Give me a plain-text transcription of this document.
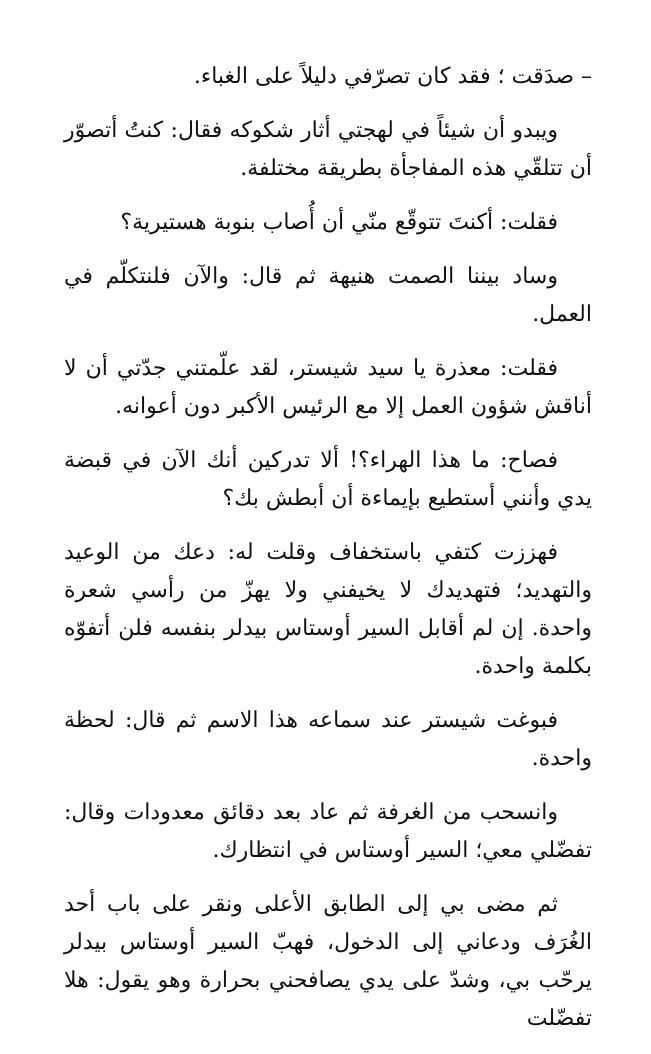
– صدَقت ؛ فقد كان تصرّفي دليلاً على الغباء.

ويبدو أن شيئاً في لهجتي أثار شكوكه فقال: كنتُ أتصوّر أن تتلقّي هذه المفاجأة بطريقة مختلفة.

فقلت: أكنتَ تتوقّع منّي أن أُصاب بنوبة هستيرية؟

وساد بيننا الصمت هنيهة ثم قال: والآن فلنتكلّم في العمل.

فقلت: معذرة يا سيد شيستر، لقد علّمتني جدّتي أن لا أناقش شؤون العمل إلا مع الرئيس الأكبر دون أعوانه.

فصاح: ما هذا الهراء؟! ألا تدركين أنك الآن في قبضة يدي وأنني أستطيع بإيماءة أن أبطش بك؟

فهززت كتفي باستخفاف وقلت له: دعك من الوعيد والتهديد؛ فتهديدك لا يخيفني ولا يهزّ من رأسي شعرة واحدة. إن لم أقابل السير أوستاس بيدلر بنفسه فلن أتفوّه بكلمة واحدة.

فبوغت شيستر عند سماعه هذا الاسم ثم قال: لحظة واحدة.

وانسحب من الغرفة ثم عاد بعد دقائق معدودات وقال: تفضّلي معي؛ السير أوستاس في انتظارك.

ثم مضى بي إلى الطابق الأعلى ونقر على باب أحد الغُرَف ودعاني إلى الدخول، فهبّ السير أوستاس بيدلر يرحّب بي، وشدّ على يدي يصافحني بحرارة وهو يقول: هلا تفضّلت
